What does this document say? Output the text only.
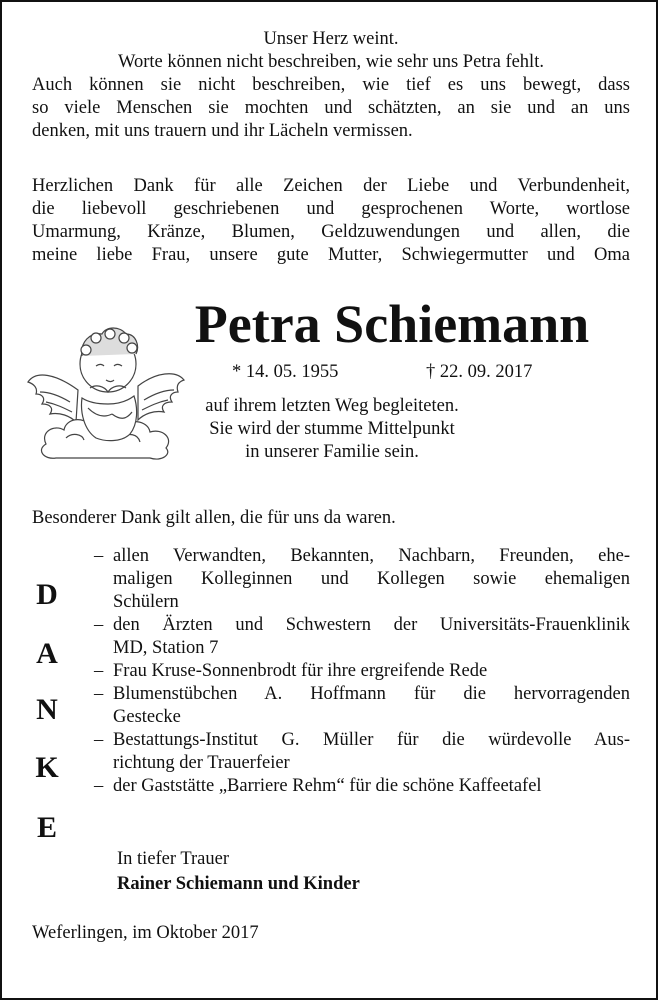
Unser Herz weint.
Worte können nicht beschreiben, wie sehr uns Petra fehlt.
Auch können sie nicht beschreiben, wie tief es uns bewegt, dass
so viele Menschen sie mochten und schätzten, an sie und an uns
denken, mit uns trauern und ihr Lächeln vermissen.
Herzlichen Dank für alle Zeichen der Liebe und Verbundenheit,
die liebevoll geschriebenen und gesprochenen Worte, wortlose
Umarmung, Kränze, Blumen, Geldzuwendungen und allen, die
meine liebe Frau, unsere gute Mutter, Schwiegermutter und Oma
Petra Schiemann
* 14. 05. 1955	† 22. 09. 2017
auf ihrem letzten Weg begleiteten.
Sie wird der stumme Mittelpunkt
in unserer Familie sein.
Besonderer Dank gilt allen, die für uns da waren.
D
A
N
K
E
– allen Verwandten, Bekannten, Nachbarn, Freunden, ehe-
maligen Kolleginnen und Kollegen sowie ehemaligen
Schülern
– den Ärzten und Schwestern der Universitäts-Frauenklinik
MD, Station 7
– Frau Kruse-Sonnenbrodt für ihre ergreifende Rede
– Blumenstübchen A. Hoffmann für die hervorragenden
Gestecke
– Bestattungs-Institut G. Müller für die würdevolle Aus-
richtung der Trauerfeier
– der Gaststätte „Barriere Rehm“ für die schöne Kaffeetafel
In tiefer Trauer
Rainer Schiemann und Kinder
Weferlingen, im Oktober 2017
